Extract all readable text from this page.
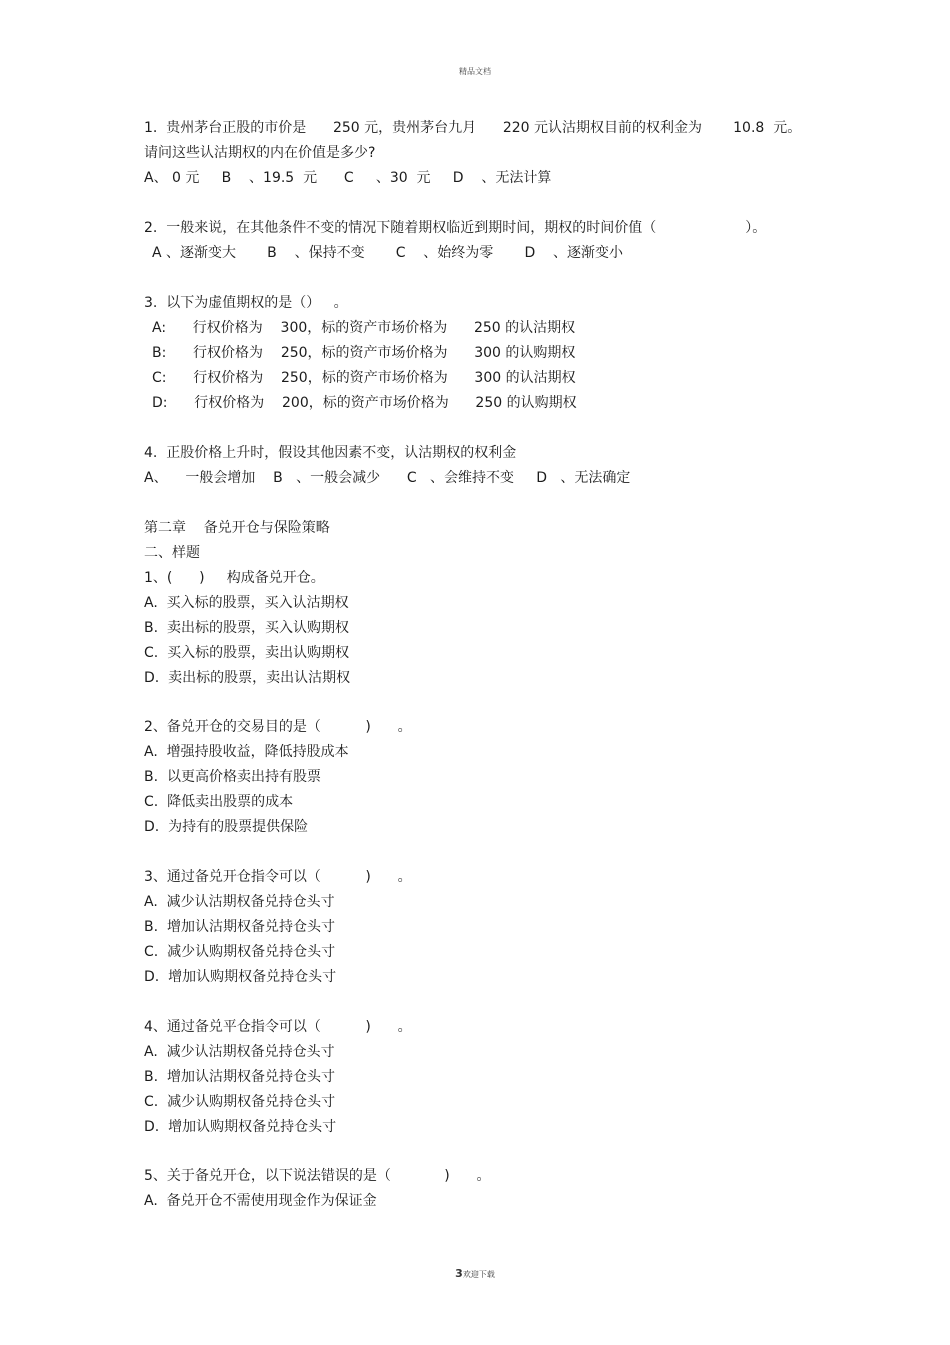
精品文档
1.  贵州茅台正股的市价是      250 元，贵州茅台九月      220 元认沽期权目前的权利金为       10.8  元。
请问这些认沽期权的内在价值是多少?
A、 0 元     B    、19.5  元      C     、30  元     D    、无法计算
2.  一般来说，在其他条件不变的情况下随着期权临近到期时间，期权的时间价值（                    ）。
A 、逐渐变大       B    、保持不变       C    、始终为零       D    、逐渐变小
3.  以下为虚值期权的是（）   。
A:      行权价格为    300，标的资产市场价格为      250 的认沽期权
B:      行权价格为    250，标的资产市场价格为      300 的认购期权
C:      行权价格为    250，标的资产市场价格为      300 的认沽期权
D:      行权价格为    200，标的资产市场价格为      250 的认购期权
4.  正股价格上升时，假设其他因素不变，认沽期权的权利金
A、    一般会增加    B   、一般会减少      C   、会维持不变     D   、无法确定
第二章    备兑开仓与保险策略
二、样题
1、(      )     构成备兑开仓。
A.  买入标的股票，买入认沽期权
B.  卖出标的股票，买入认购期权
C.  买入标的股票，卖出认购期权
D.  卖出标的股票，卖出认沽期权
2、备兑开仓的交易目的是（          )      。
A.  增强持股收益，降低持股成本
B.  以更高价格卖出持有股票
C.  降低卖出股票的成本
D.  为持有的股票提供保险
3、通过备兑开仓指令可以（          )      。
A.  减少认沽期权备兑持仓头寸
B.  增加认沽期权备兑持仓头寸
C.  减少认购期权备兑持仓头寸
D.  增加认购期权备兑持仓头寸
4、通过备兑平仓指令可以（          )      。
A.  减少认沽期权备兑持仓头寸
B.  增加认沽期权备兑持仓头寸
C.  减少认购期权备兑持仓头寸
D.  增加认购期权备兑持仓头寸
5、关于备兑开仓，以下说法错误的是（            )      。
A.  备兑开仓不需使用现金作为保证金
3欢迎下载
